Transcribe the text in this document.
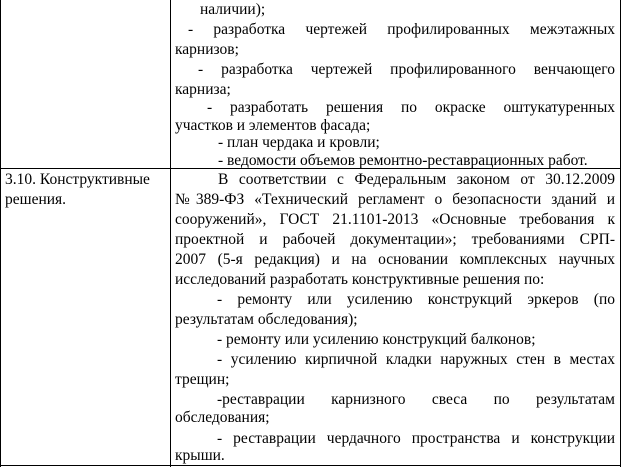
наличии);
- разработка чертежей профилированных межэтажных
карнизов;
- разработка чертежей профилированного венчающего
карниза;
- разработать решения по окраске оштукатуренных
участков и элементов фасада;
- план чердака и кровли;
- ведомости объемов ремонтно-реставрационных работ.
3.10. Конструктивные
решения.
В соответствии с Федеральным законом от 30.12.2009
№389-ФЗ «Технический регламент о безопасности зданий и
сооружений», ГОСТ 21.1101-2013 «Основные требования к
проектной и рабочей документации»; требованиями СРП-
2007 (5-я редакция) и на основании комплексных научных
исследований разработать конструктивные решения по:
- ремонту или усилению конструкций эркеров (по
результатам обследования);
- ремонту или усилению конструкций балконов;
- усилению кирпичной кладки наружных стен в местах
трещин;
-реставрации карнизного свеса по результатам
обследования;
- реставрации чердачного пространства и конструкции
крыши.
